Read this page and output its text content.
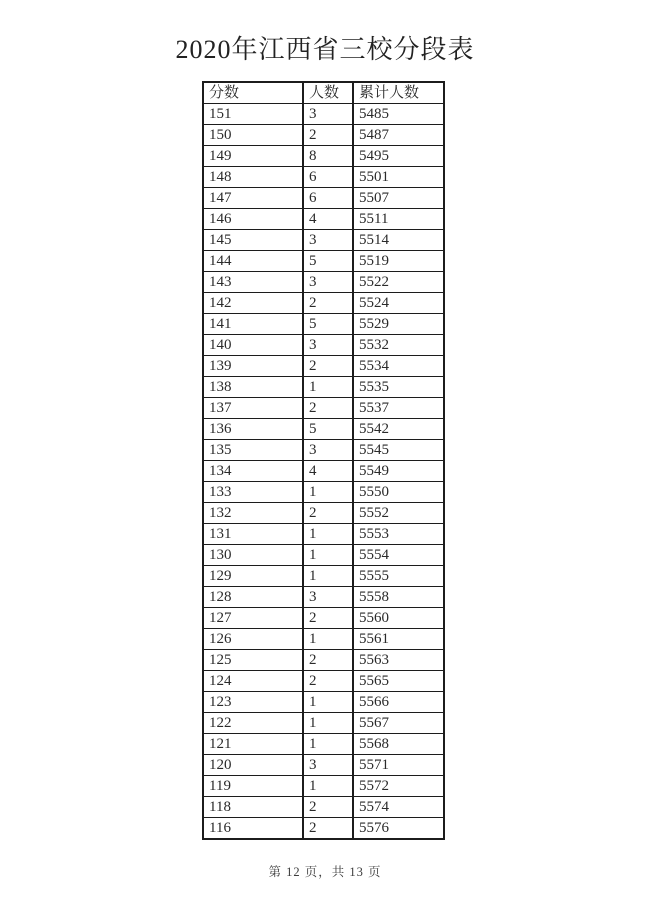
2020年江西省三校分段表
分数	人数	累计人数
151	3	5485
150	2	5487
149	8	5495
148	6	5501
147	6	5507
146	4	5511
145	3	5514
144	5	5519
143	3	5522
142	2	5524
141	5	5529
140	3	5532
139	2	5534
138	1	5535
137	2	5537
136	5	5542
135	3	5545
134	4	5549
133	1	5550
132	2	5552
131	1	5553
130	1	5554
129	1	5555
128	3	5558
127	2	5560
126	1	5561
125	2	5563
124	2	5565
123	1	5566
122	1	5567
121	1	5568
120	3	5571
119	1	5572
118	2	5574
116	2	5576
第 12 页，共 13 页
